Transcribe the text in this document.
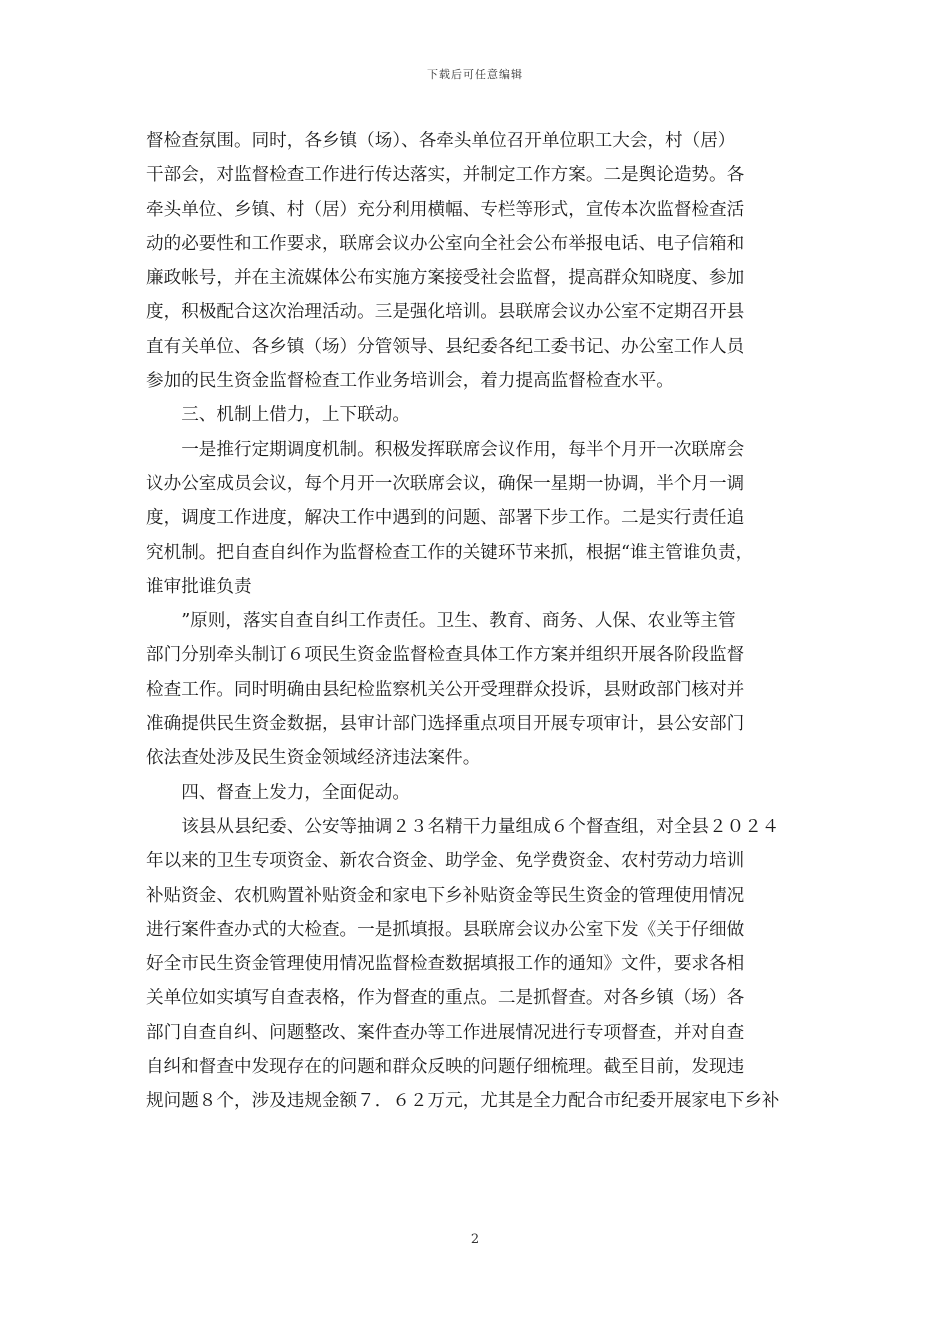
下载后可任意编辑
督检查氛围。同时，各乡镇（场）、各牵头单位召开单位职工大会，村（居）
干部会，对监督检查工作进行传达落实，并制定工作方案。二是舆论造势。各
牵头单位、乡镇、村（居）充分利用横幅、专栏等形式，宣传本次监督检查活
动的必要性和工作要求，联席会议办公室向全社会公布举报电话、电子信箱和
廉政帐号，并在主流媒体公布实施方案接受社会监督，提高群众知晓度、参加
度，积极配合这次治理活动。三是强化培训。县联席会议办公室不定期召开县
直有关单位、各乡镇（场）分管领导、县纪委各纪工委书记、办公室工作人员
参加的民生资金监督检查工作业务培训会，着力提高监督检查水平。
　　三、机制上借力，上下联动。
　　一是推行定期调度机制。积极发挥联席会议作用，每半个月开一次联席会
议办公室成员会议，每个月开一次联席会议，确保一星期一协调，半个月一调
度，调度工作进度，解决工作中遇到的问题、部署下步工作。二是实行责任追
究机制。把自查自纠作为监督检查工作的关键环节来抓，根据“谁主管谁负责，
谁审批谁负责
　　”原则，落实自查自纠工作责任。卫生、教育、商务、人保、农业等主管
部门分别牵头制订６项民生资金监督检查具体工作方案并组织开展各阶段监督
检查工作。同时明确由县纪检监察机关公开受理群众投诉，县财政部门核对并
准确提供民生资金数据，县审计部门选择重点项目开展专项审计，县公安部门
依法查处涉及民生资金领域经济违法案件。
　　四、督查上发力，全面促动。
　　该县从县纪委、公安等抽调２３名精干力量组成６个督查组，对全县２０２４
年以来的卫生专项资金、新农合资金、助学金、免学费资金、农村劳动力培训
补贴资金、农机购置补贴资金和家电下乡补贴资金等民生资金的管理使用情况
进行案件查办式的大检查。一是抓填报。县联席会议办公室下发《关于仔细做
好全市民生资金管理使用情况监督检查数据填报工作的通知》文件，要求各相
关单位如实填写自查表格，作为督查的重点。二是抓督查。对各乡镇（场）各
部门自查自纠、问题整改、案件查办等工作进展情况进行专项督查，并对自查
自纠和督查中发现存在的问题和群众反映的问题仔细梳理。截至目前，发现违
规问题８个，涉及违规金额７．６２万元，尤其是全力配合市纪委开展家电下乡补
2
